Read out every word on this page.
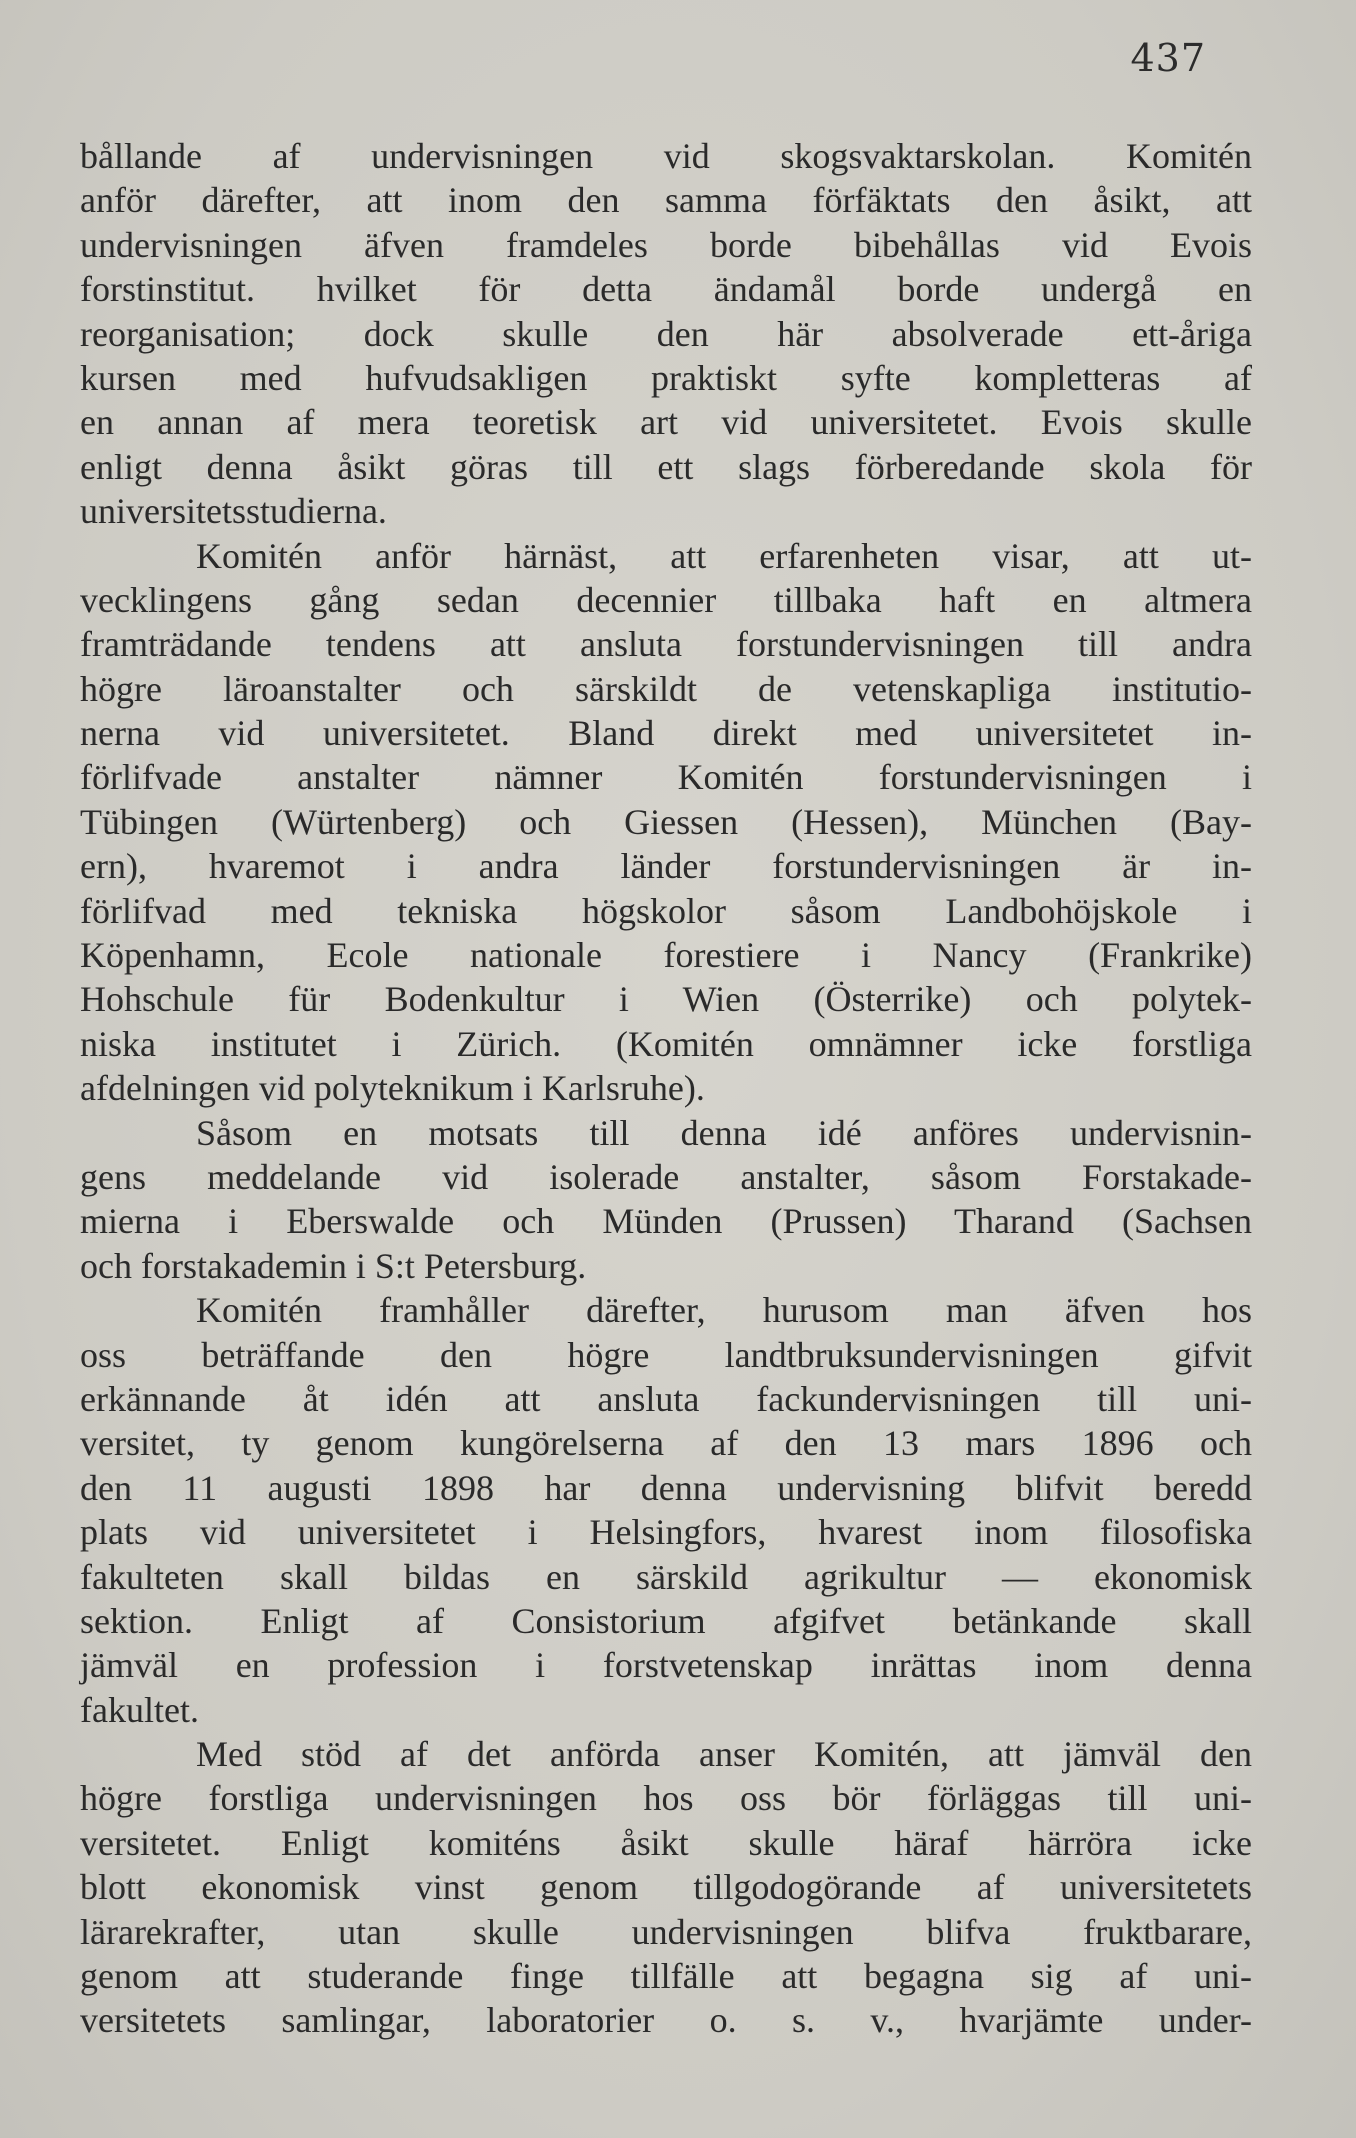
437
bållande af undervisningen vid skogsvaktarskolan. Komitén
anför därefter, att inom den samma förfäktats den åsikt, att
undervisningen äfven framdeles borde bibehållas vid Evois
forstinstitut. hvilket för detta ändamål borde undergå en
reorganisation; dock skulle den här absolverade ett-åriga
kursen med hufvudsakligen praktiskt syfte kompletteras af
en annan af mera teoretisk art vid universitetet. Evois skulle
enligt denna åsikt göras till ett slags förberedande skola för
universitetsstudierna.
Komitén anför härnäst, att erfarenheten visar, att ut-
vecklingens gång sedan decennier tillbaka haft en altmera
framträdande tendens att ansluta forstundervisningen till andra
högre läroanstalter och särskildt de vetenskapliga institutio-
nerna vid universitetet. Bland direkt med universitetet in-
förlifvade anstalter nämner Komitén forstundervisningen i
Tübingen (Würtenberg) och Giessen (Hessen), München (Bay-
ern), hvaremot i andra länder forstundervisningen är in-
förlifvad med tekniska högskolor såsom Landbohöjskole i
Köpenhamn, Ecole nationale forestiere i Nancy (Frankrike)
Hohschule für Bodenkultur i Wien (Österrike) och polytek-
niska institutet i Zürich. (Komitén omnämner icke forstliga
afdelningen vid polyteknikum i Karlsruhe).
Såsom en motsats till denna idé anföres undervisnin-
gens meddelande vid isolerade anstalter, såsom Forstakade-
mierna i Eberswalde och Münden (Prussen) Tharand (Sachsen
och forstakademin i S:t Petersburg.
Komitén framhåller därefter, hurusom man äfven hos
oss beträffande den högre landtbruksundervisningen gifvit
erkännande åt idén att ansluta fackundervisningen till uni-
versitet, ty genom kungörelserna af den 13 mars 1896 och
den 11 augusti 1898 har denna undervisning blifvit beredd
plats vid universitetet i Helsingfors, hvarest inom filosofiska
fakulteten skall bildas en särskild agrikultur — ekonomisk
sektion. Enligt af Consistorium afgifvet betänkande skall
jämväl en profession i forstvetenskap inrättas inom denna
fakultet.
Med stöd af det anförda anser Komitén, att jämväl den
högre forstliga undervisningen hos oss bör förläggas till uni-
versitetet. Enligt komiténs åsikt skulle häraf härröra icke
blott ekonomisk vinst genom tillgodogörande af universitetets
lärarekrafter, utan skulle undervisningen blifva fruktbarare,
genom att studerande finge tillfälle att begagna sig af uni-
versitetets samlingar, laboratorier o. s. v., hvarjämte under-
